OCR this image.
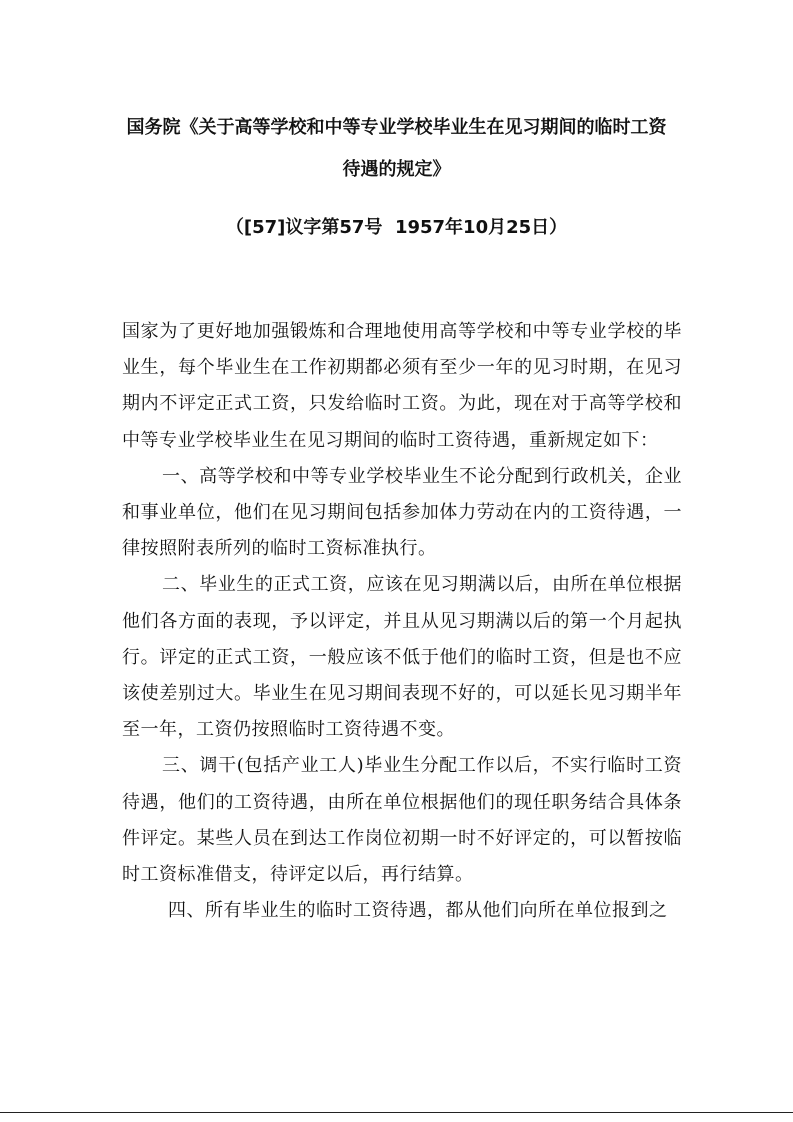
国务院《关于高等学校和中等专业学校毕业生在见习期间的临时工资
待遇的规定》
（[57]议字第57号  1957年10月25日）

国家为了更好地加强锻炼和合理地使用高等学校和中等专业学校的毕业生，每个毕业生在工作初期都必须有至少一年的见习时期，在见习期内不评定正式工资，只发给临时工资。为此，现在对于高等学校和中等专业学校毕业生在见习期间的临时工资待遇，重新规定如下：

一、高等学校和中等专业学校毕业生不论分配到行政机关，企业和事业单位，他们在见习期间包括参加体力劳动在内的工资待遇，一律按照附表所列的临时工资标准执行。

二、毕业生的正式工资，应该在见习期满以后，由所在单位根据他们各方面的表现，予以评定，并且从见习期满以后的第一个月起执行。评定的正式工资，一般应该不低于他们的临时工资，但是也不应该使差别过大。毕业生在见习期间表现不好的，可以延长见习期半年至一年，工资仍按照临时工资待遇不变。

三、调干(包括产业工人)毕业生分配工作以后，不实行临时工资待遇，他们的工资待遇，由所在单位根据他们的现任职务结合具体条件评定。某些人员在到达工作岗位初期一时不好评定的，可以暂按临时工资标准借支，待评定以后，再行结算。

四、所有毕业生的临时工资待遇，都从他们向所在单位报到之
